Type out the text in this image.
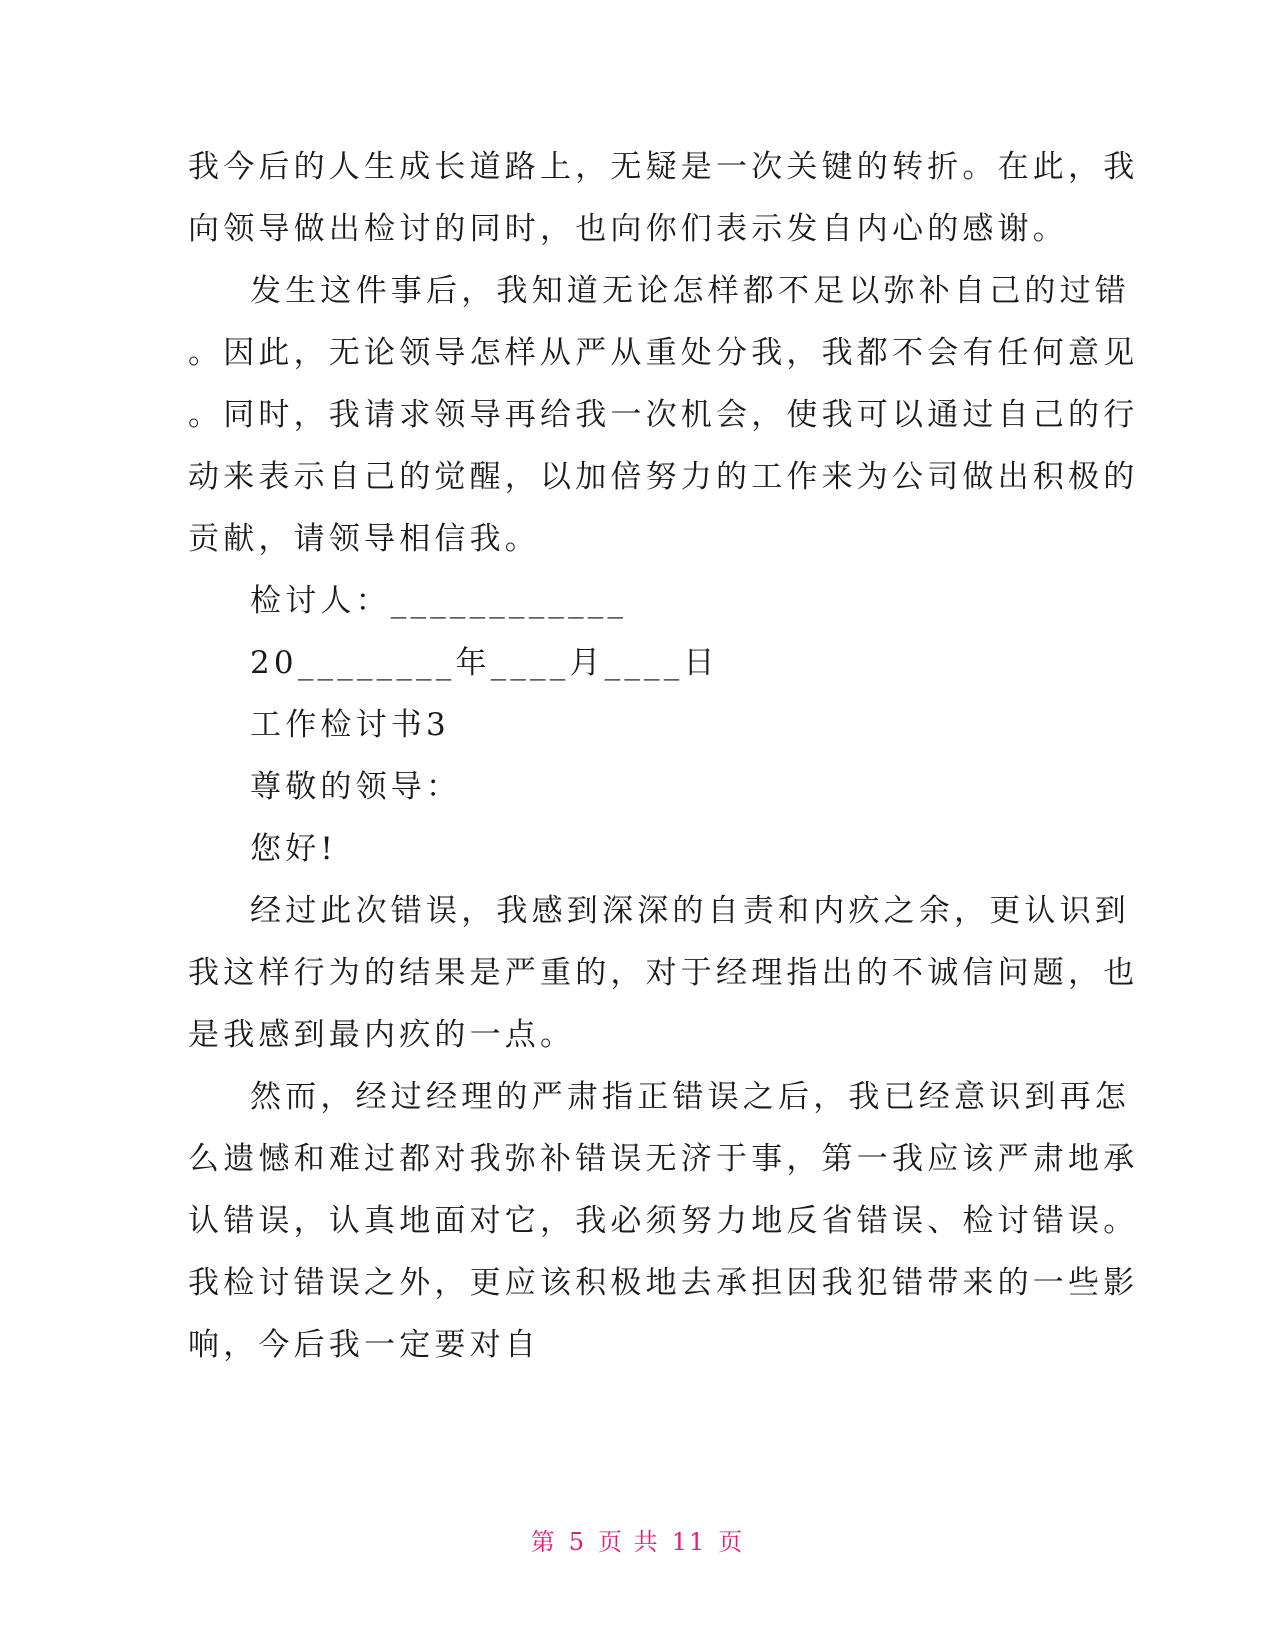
我今后的人生成长道路上，无疑是一次关键的转折。在此，我
向领导做出检讨的同时，也向你们表示发自内心的感谢。
发生这件事后，我知道无论怎样都不足以弥补自己的过错
。因此，无论领导怎样从严从重处分我，我都不会有任何意见
。同时，我请求领导再给我一次机会，使我可以通过自己的行
动来表示自己的觉醒，以加倍努力的工作来为公司做出积极的
贡献，请领导相信我。
检讨人：____________
20________年____月____日
工作检讨书3
尊敬的领导：
您好!
经过此次错误，我感到深深的自责和内疚之余，更认识到
我这样行为的结果是严重的，对于经理指出的不诚信问题，也
是我感到最内疚的一点。
然而，经过经理的严肃指正错误之后，我已经意识到再怎
么遗憾和难过都对我弥补错误无济于事，第一我应该严肃地承
认错误，认真地面对它，我必须努力地反省错误、检讨错误。
我检讨错误之外，更应该积极地去承担因我犯错带来的一些影
响，今后我一定要对自
第 5 页 共 11 页
